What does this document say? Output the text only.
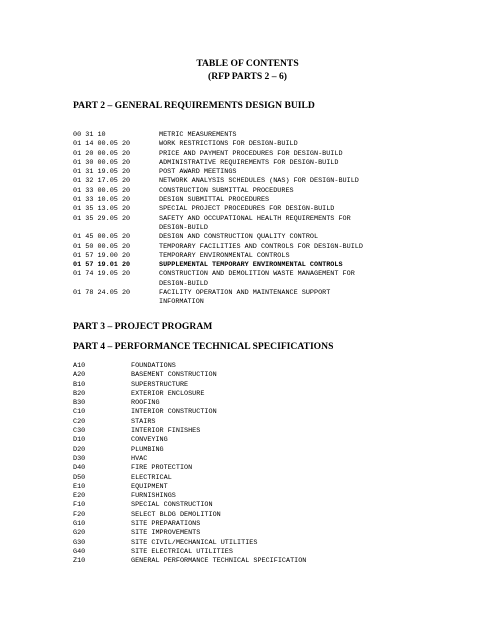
TABLE OF CONTENTS
(RFP PARTS 2 – 6)
PART 2 – GENERAL REQUIREMENTS DESIGN BUILD
00 31 10	METRIC MEASUREMENTS
01 14 00.05 20	WORK RESTRICTIONS FOR DESIGN-BUILD
01 20 00.05 20	PRICE AND PAYMENT PROCEDURES FOR DESIGN-BUILD
01 30 00.05 20	ADMINISTRATIVE REQUIREMENTS FOR DESIGN-BUILD
01 31 19.05 20	POST AWARD MEETINGS
01 32 17.05 20	NETWORK ANALYSIS SCHEDULES (NAS) FOR DESIGN-BUILD
01 33 00.05 20	CONSTRUCTION SUBMITTAL PROCEDURES
01 33 10.05 20	DESIGN SUBMITTAL PROCEDURES
01 35 13.05 20	SPECIAL PROJECT PROCEDURES FOR DESIGN-BUILD
01 35 29.05 20	SAFETY AND OCCUPATIONAL HEALTH REQUIREMENTS FOR DESIGN-BUILD
01 45 00.05 20	DESIGN AND CONSTRUCTION QUALITY CONTROL
01 50 00.05 20	TEMPORARY FACILITIES AND CONTROLS FOR DESIGN-BUILD
01 57 19.00 20	TEMPORARY ENVIRONMENTAL CONTROLS
01 57 19.01 20	SUPPLEMENTAL TEMPORARY ENVIRONMENTAL CONTROLS
01 74 19.05 20	CONSTRUCTION AND DEMOLITION WASTE MANAGEMENT FOR DESIGN-BUILD
01 78 24.05 20	FACILITY OPERATION AND MAINTENANCE SUPPORT INFORMATION
PART 3 – PROJECT PROGRAM
PART 4 – PERFORMANCE TECHNICAL SPECIFICATIONS
A10	FOUNDATIONS
A20	BASEMENT CONSTRUCTION
B10	SUPERSTRUCTURE
B20	EXTERIOR ENCLOSURE
B30	ROOFING
C10	INTERIOR CONSTRUCTION
C20	STAIRS
C30	INTERIOR FINISHES
D10	CONVEYING
D20	PLUMBING
D30	HVAC
D40	FIRE PROTECTION
D50	ELECTRICAL
E10	EQUIPMENT
E20	FURNISHINGS
F10	SPECIAL CONSTRUCTION
F20	SELECT BLDG DEMOLITION
G10	SITE PREPARATIONS
G20	SITE IMPROVEMENTS
G30	SITE CIVIL/MECHANICAL UTILITIES
G40	SITE ELECTRICAL UTILITIES
Z10	GENERAL PERFORMANCE TECHNICAL SPECIFICATION
